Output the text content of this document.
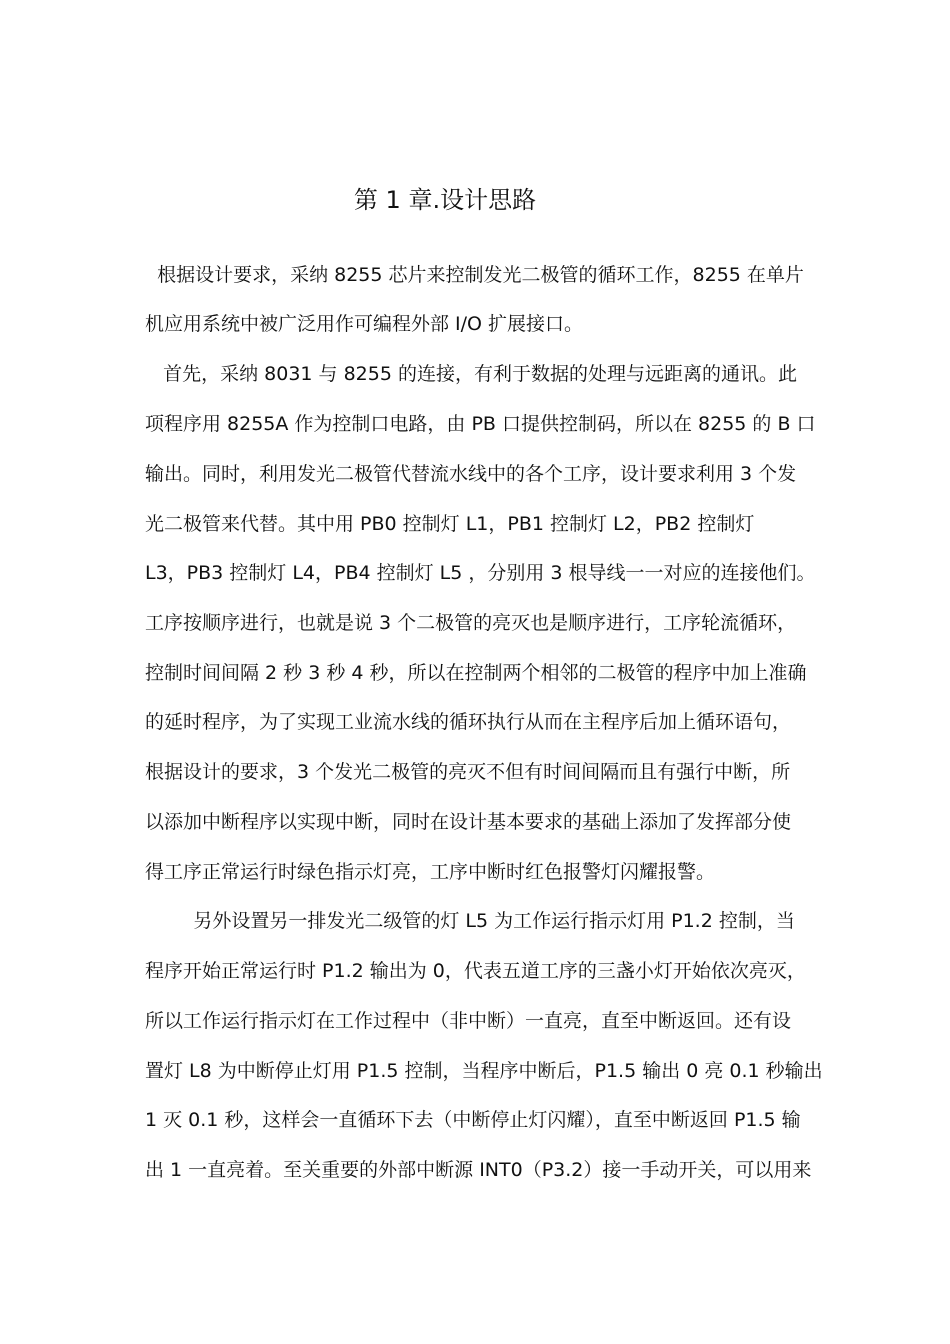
第 1 章.设计思路
根据设计要求，采纳 8255 芯片来控制发光二极管的循环工作，8255 在单片
机应用系统中被广泛用作可编程外部 I/O 扩展接口。
首先，采纳 8031 与 8255 的连接，有利于数据的处理与远距离的通讯。此
项程序用 8255A 作为控制口电路，由 PB 口提供控制码，所以在 8255 的 B 口
输出。同时，利用发光二极管代替流水线中的各个工序，设计要求利用 3 个发
光二极管来代替。其中用 PB0 控制灯 L1，PB1 控制灯 L2，PB2 控制灯
L3，PB3 控制灯 L4，PB4 控制灯 L5 ，分别用 3 根导线一一对应的连接他们。
工序按顺序进行，也就是说 3 个二极管的亮灭也是顺序进行，工序轮流循环，
控制时间间隔 2 秒 3 秒 4 秒，所以在控制两个相邻的二极管的程序中加上准确
的延时程序，为了实现工业流水线的循环执行从而在主程序后加上循环语句，
根据设计的要求，3 个发光二极管的亮灭不但有时间间隔而且有强行中断，所
以添加中断程序以实现中断，同时在设计基本要求的基础上添加了发挥部分使
得工序正常运行时绿色指示灯亮，工序中断时红色报警灯闪耀报警。
另外设置另一排发光二级管的灯 L5 为工作运行指示灯用 P1.2 控制，当
程序开始正常运行时 P1.2 输出为 0，代表五道工序的三盏小灯开始依次亮灭，
所以工作运行指示灯在工作过程中（非中断）一直亮，直至中断返回。还有设
置灯 L8 为中断停止灯用 P1.5 控制，当程序中断后，P1.5 输出 0 亮 0.1 秒输出
1 灭 0.1 秒，这样会一直循环下去（中断停止灯闪耀），直至中断返回 P1.5 输
出 1 一直亮着。至关重要的外部中断源 INT0（P3.2）接一手动开关，可以用来
